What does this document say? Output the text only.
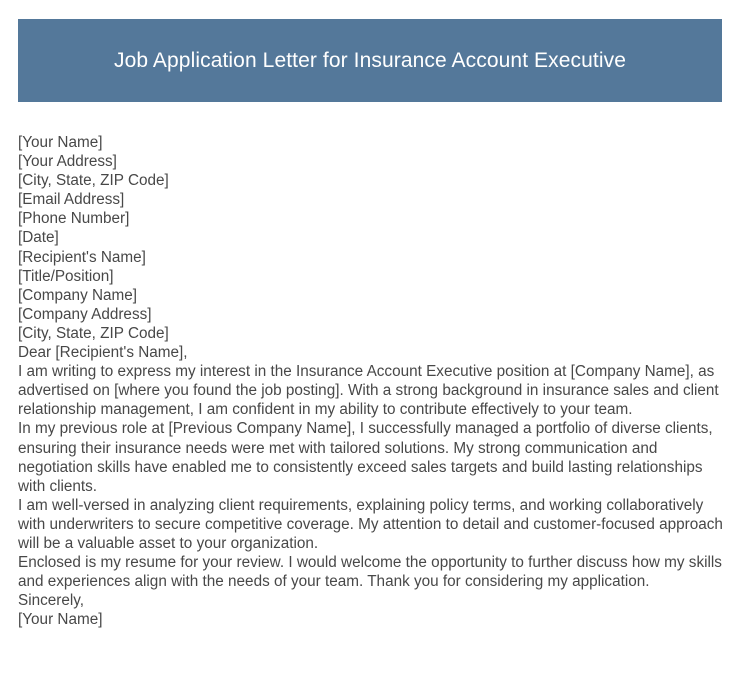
Job Application Letter for Insurance Account Executive

[Your Name]

[Your Address]

[City, State, ZIP Code]

[Email Address]

[Phone Number]

[Date]

[Recipient's Name]

[Title/Position]

[Company Name]

[Company Address]

[City, State, ZIP Code]

Dear [Recipient's Name],

I am writing to express my interest in the Insurance Account Executive position at [Company Name], as advertised on [where you found the job posting]. With a strong background in insurance sales and client relationship management, I am confident in my ability to contribute effectively to your team.

In my previous role at [Previous Company Name], I successfully managed a portfolio of diverse clients, ensuring their insurance needs were met with tailored solutions. My strong communication and negotiation skills have enabled me to consistently exceed sales targets and build lasting relationships with clients.

I am well-versed in analyzing client requirements, explaining policy terms, and working collaboratively with underwriters to secure competitive coverage. My attention to detail and customer-focused approach will be a valuable asset to your organization.

Enclosed is my resume for your review. I would welcome the opportunity to further discuss how my skills and experiences align with the needs of your team. Thank you for considering my application.

Sincerely,

[Your Name]
